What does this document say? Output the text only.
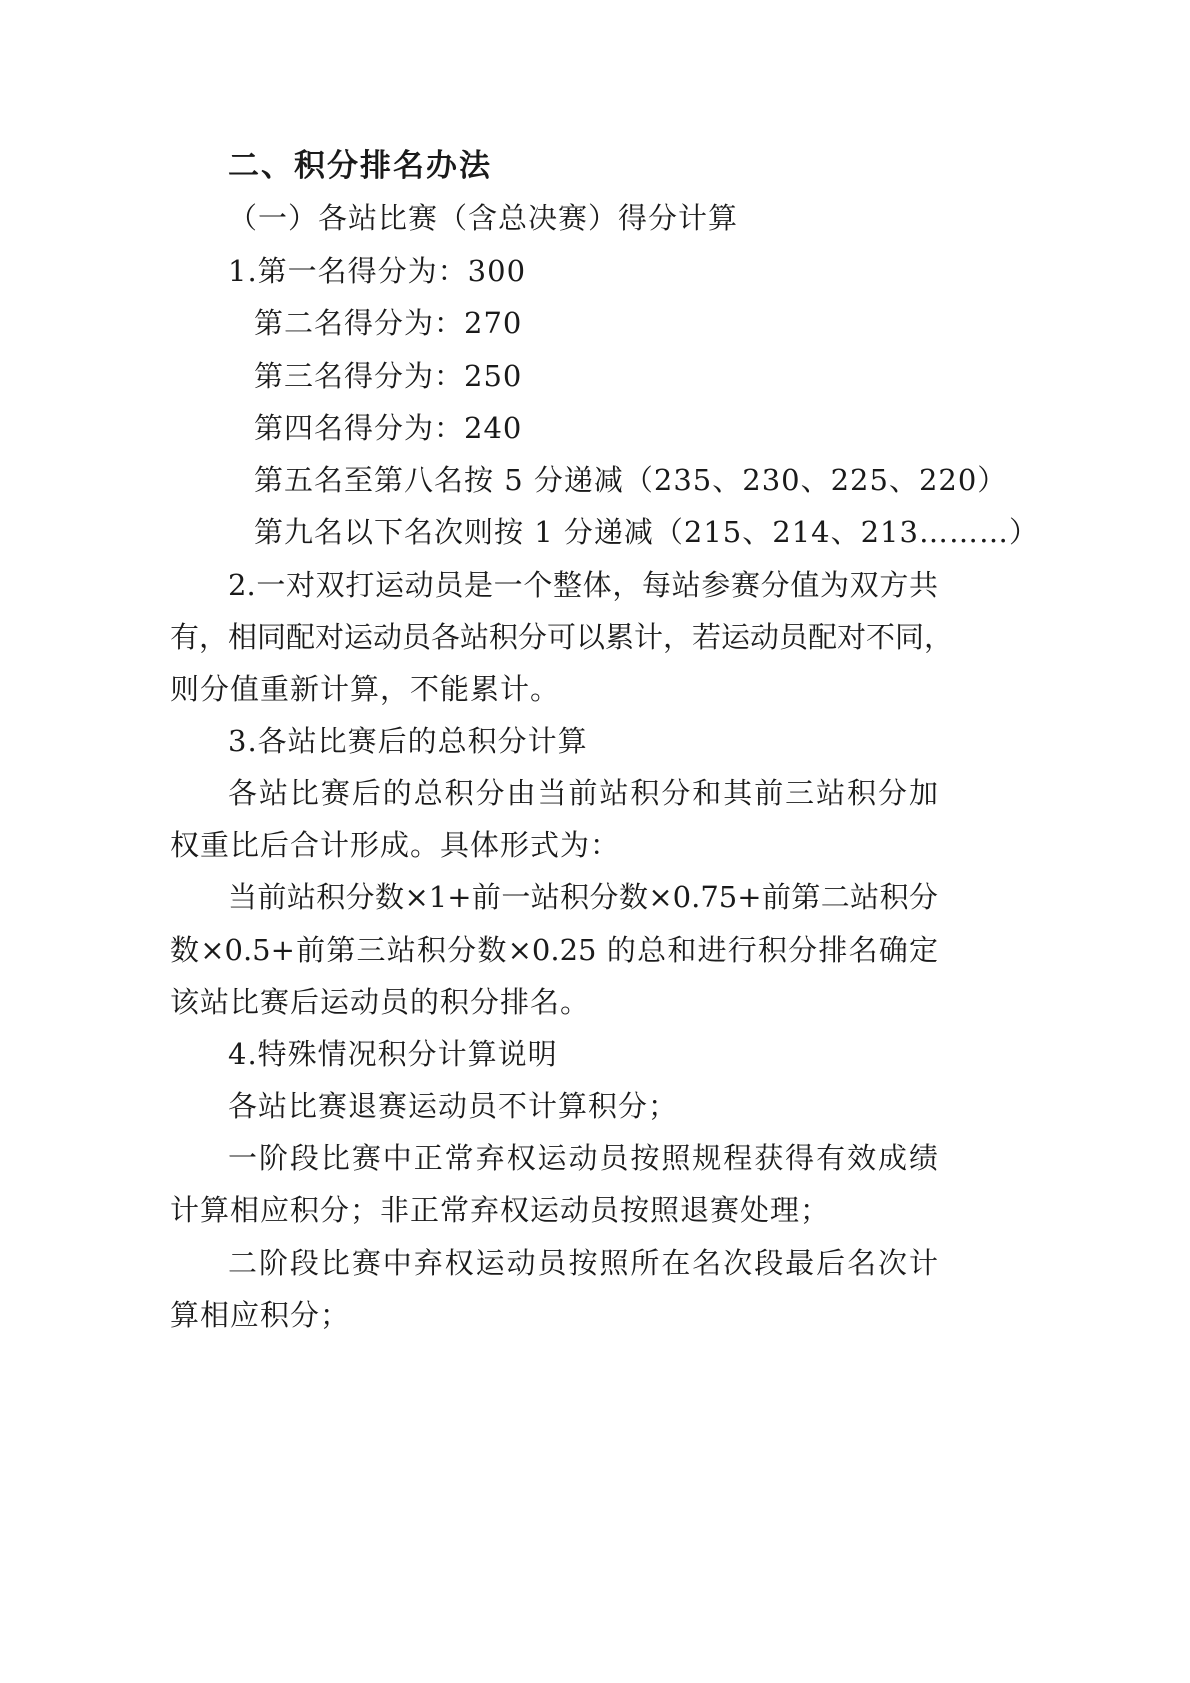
二、积分排名办法
（一）各站比赛（含总决赛）得分计算
1.第一名得分为：300
第二名得分为：270
第三名得分为：250
第四名得分为：240
第五名至第八名按 5 分递减（235、230、225、220）
第九名以下名次则按 1 分递减（215、214、213………）
2.一对双打运动员是一个整体，每站参赛分值为双方共
有，相同配对运动员各站积分可以累计，若运动员配对不同，
则分值重新计算，不能累计。
3.各站比赛后的总积分计算
各站比赛后的总积分由当前站积分和其前三站积分加
权重比后合计形成。具体形式为：
当前站积分数×1+前一站积分数×0.75+前第二站积分
数×0.5+前第三站积分数×0.25 的总和进行积分排名确定
该站比赛后运动员的积分排名。
4.特殊情况积分计算说明
各站比赛退赛运动员不计算积分；
一阶段比赛中正常弃权运动员按照规程获得有效成绩
计算相应积分；非正常弃权运动员按照退赛处理；
二阶段比赛中弃权运动员按照所在名次段最后名次计
算相应积分；
